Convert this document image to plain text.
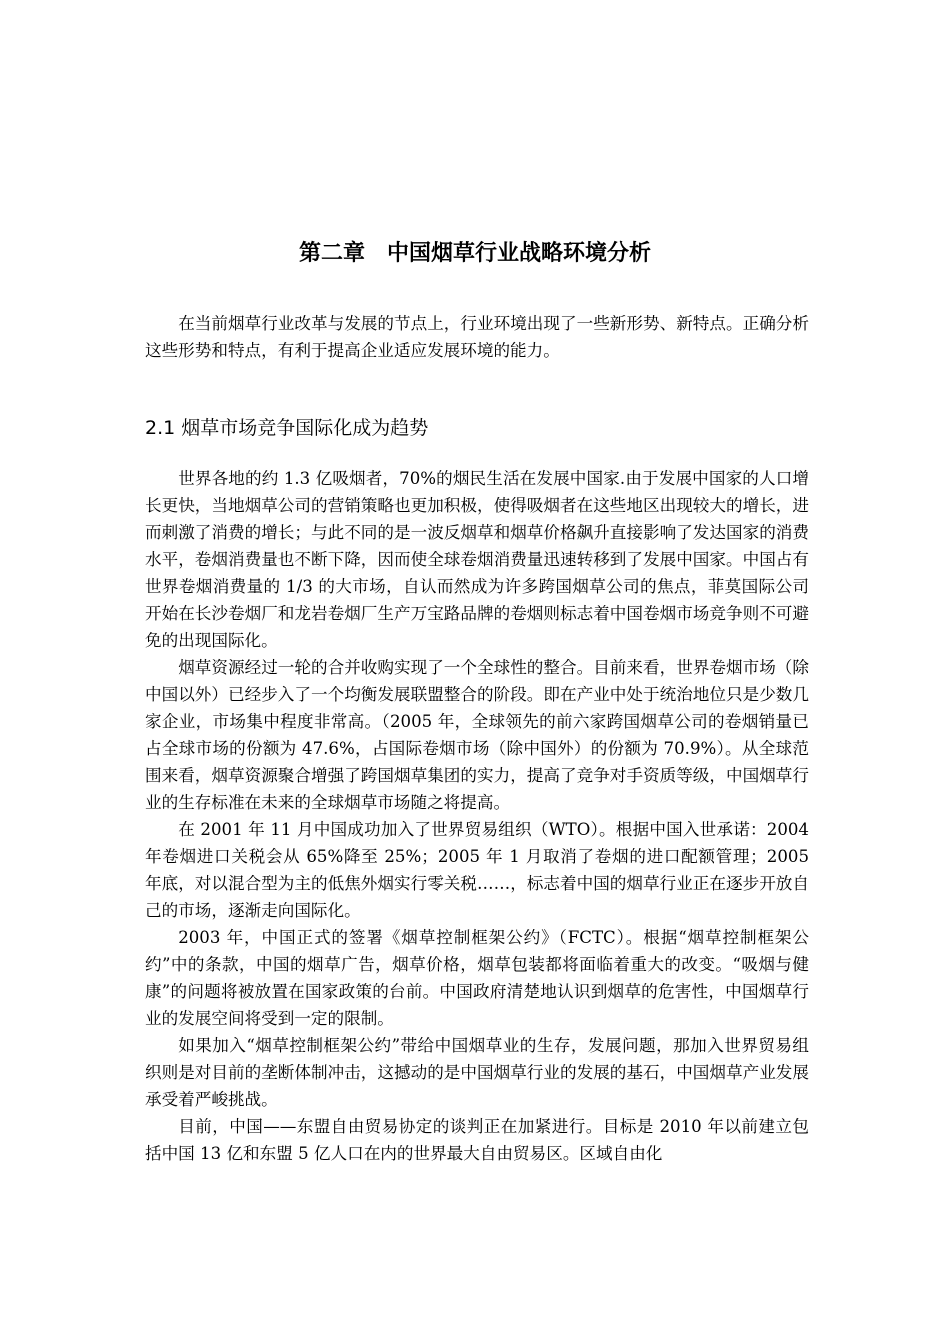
第二章　中国烟草行业战略环境分析

在当前烟草行业改革与发展的节点上，行业环境出现了一些新形势、新特点。正确分析这些形势和特点，有利于提高企业适应发展环境的能力。

2.1 烟草市场竞争国际化成为趋势

世界各地的约 1.3 亿吸烟者，70%的烟民生活在发展中国家.由于发展中国家的人口增长更快，当地烟草公司的营销策略也更加积极，使得吸烟者在这些地区出现较大的增长，进而刺激了消费的增长；与此不同的是一波反烟草和烟草价格飙升直接影响了发达国家的消费水平，卷烟消费量也不断下降，因而使全球卷烟消费量迅速转移到了发展中国家。中国占有世界卷烟消费量的 1/3 的大市场，自认而然成为许多跨国烟草公司的焦点，菲莫国际公司开始在长沙卷烟厂和龙岩卷烟厂生产万宝路品牌的卷烟则标志着中国卷烟市场竞争则不可避免的出现国际化。

烟草资源经过一轮的合并收购实现了一个全球性的整合。目前来看，世界卷烟市场（除中国以外）已经步入了一个均衡发展联盟整合的阶段。即在产业中处于统治地位只是少数几家企业，市场集中程度非常高。（2005 年，全球领先的前六家跨国烟草公司的卷烟销量已占全球市场的份额为 47.6%，占国际卷烟市场（除中国外）的份额为 70.9%）。从全球范围来看，烟草资源聚合增强了跨国烟草集团的实力，提高了竞争对手资质等级，中国烟草行业的生存标准在未来的全球烟草市场随之将提高。

在 2001 年 11 月中国成功加入了世界贸易组织（WTO）。根据中国入世承诺：2004 年卷烟进口关税会从 65%降至 25%；2005 年 1 月取消了卷烟的进口配额管理；2005 年底，对以混合型为主的低焦外烟实行零关税……，标志着中国的烟草行业正在逐步开放自己的市场，逐渐走向国际化。

2003 年，中国正式的签署《烟草控制框架公约》（FCTC）。根据“烟草控制框架公约”中的条款，中国的烟草广告，烟草价格，烟草包装都将面临着重大的改变。“吸烟与健康”的问题将被放置在国家政策的台前。中国政府清楚地认识到烟草的危害性，中国烟草行业的发展空间将受到一定的限制。

如果加入“烟草控制框架公约”带给中国烟草业的生存，发展问题，那加入世界贸易组织则是对目前的垄断体制冲击，这撼动的是中国烟草行业的发展的基石，中国烟草产业发展承受着严峻挑战。

目前，中国——东盟自由贸易协定的谈判正在加紧进行。目标是 2010 年以前建立包括中国 13 亿和东盟 5 亿人口在内的世界最大自由贸易区。区域自由化
